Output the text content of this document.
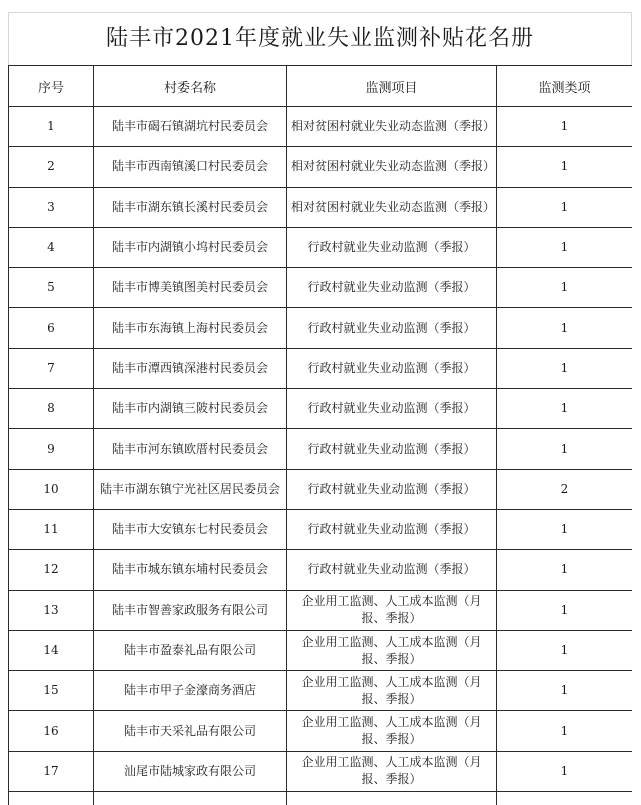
陆丰市2021年度就业失业监测补贴花名册
序号	村委名称	监测项目	监测类项
1	陆丰市碣石镇湖坑村民委员会	相对贫困村就业失业动态监测（季报）	1
2	陆丰市西南镇溪口村民委员会	相对贫困村就业失业动态监测（季报）	1
3	陆丰市湖东镇长溪村民委员会	相对贫困村就业失业动态监测（季报）	1
4	陆丰市内湖镇小坞村民委员会	行政村就业失业动监测（季报）	1
5	陆丰市博美镇图美村民委员会	行政村就业失业动监测（季报）	1
6	陆丰市东海镇上海村民委员会	行政村就业失业动监测（季报）	1
7	陆丰市潭西镇深港村民委员会	行政村就业失业动监测（季报）	1
8	陆丰市内湖镇三陂村民委员会	行政村就业失业动监测（季报）	1
9	陆丰市河东镇欧厝村民委员会	行政村就业失业动监测（季报）	1
10	陆丰市湖东镇宁光社区居民委员会	行政村就业失业动监测（季报）	2
11	陆丰市大安镇东七村民委员会	行政村就业失业动监测（季报）	1
12	陆丰市城东镇东埔村民委员会	行政村就业失业动监测（季报）	1
13	陆丰市智善家政服务有限公司	企业用工监测、人工成本监测（月报、季报）	1
14	陆丰市盈泰礼品有限公司	企业用工监测、人工成本监测（月报、季报）	1
15	陆丰市甲子金濠商务酒店	企业用工监测、人工成本监测（月报、季报）	1
16	陆丰市天采礼品有限公司	企业用工监测、人工成本监测（月报、季报）	1
17	汕尾市陆城家政有限公司	企业用工监测、人工成本监测（月报、季报）	1
